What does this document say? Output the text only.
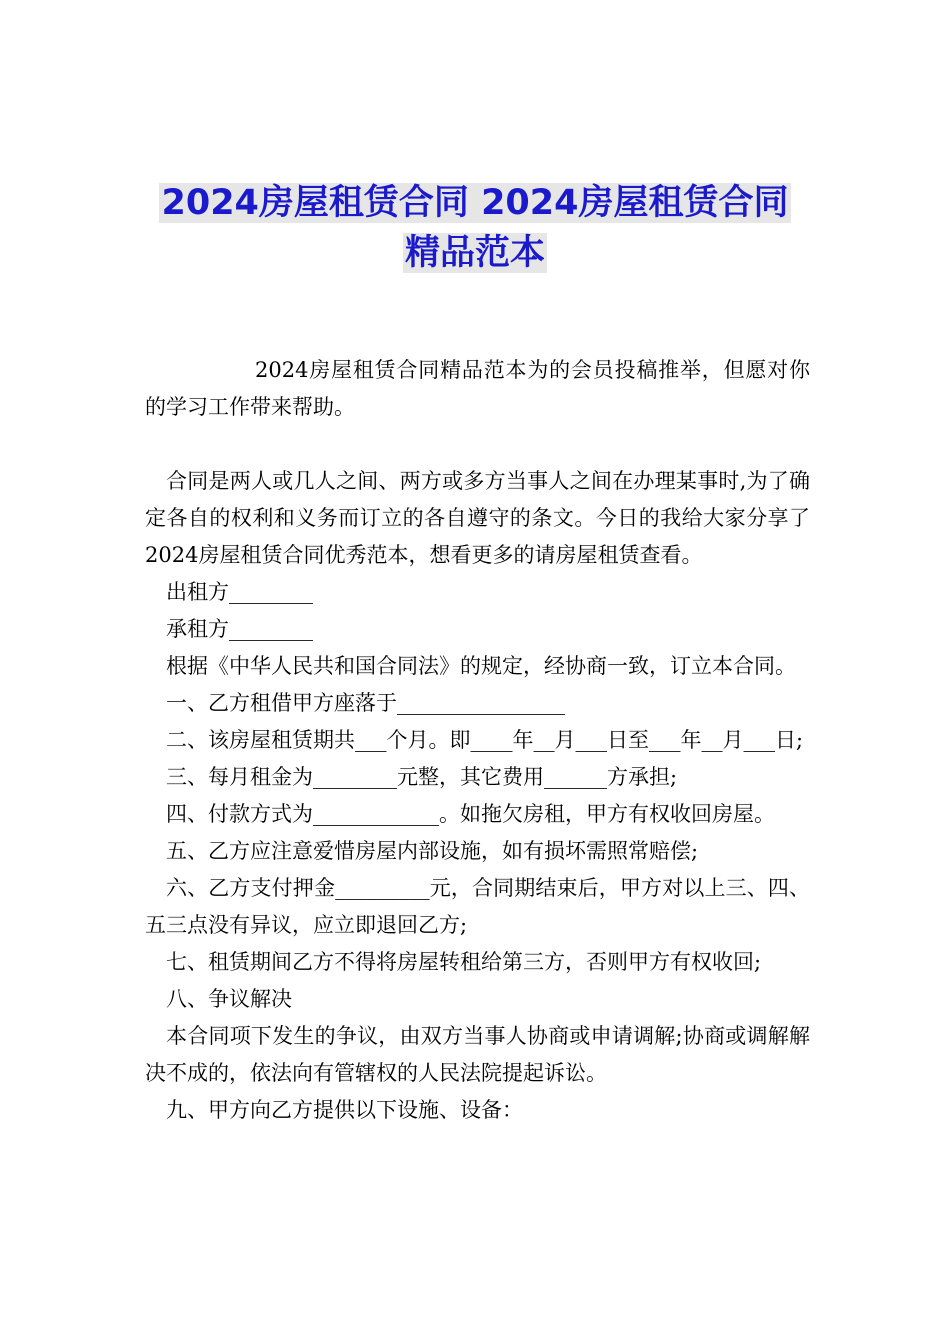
2024房屋租赁合同 2024房屋租赁合同
精品范本

2024房屋租赁合同精品范本为的会员投稿推举，但愿对你的学习工作带来帮助。

合同是两人或几人之间、两方或多方当事人之间在办理某事时,为了确定各自的权利和义务而订立的各自遵守的条文。今日的我给大家分享了2024房屋租赁合同优秀范本，想看更多的请房屋租赁查看。

出租方________

承租方________

根据《中华人民共和国合同法》的规定，经协商一致，订立本合同。

一、乙方租借甲方座落于________________

二、该房屋租赁期共___个月。即____年__月___日至___年__月___日;

三、每月租金为________元整，其它费用______方承担;

四、付款方式为____________。如拖欠房租，甲方有权收回房屋。

五、乙方应注意爱惜房屋内部设施，如有损坏需照常赔偿;

六、乙方支付押金_________元，合同期结束后，甲方对以上三、四、五三点没有异议，应立即退回乙方;

七、租赁期间乙方不得将房屋转租给第三方，否则甲方有权收回;

八、争议解决

本合同项下发生的争议，由双方当事人协商或申请调解;协商或调解解决不成的，依法向有管辖权的人民法院提起诉讼。

九、甲方向乙方提供以下设施、设备：
